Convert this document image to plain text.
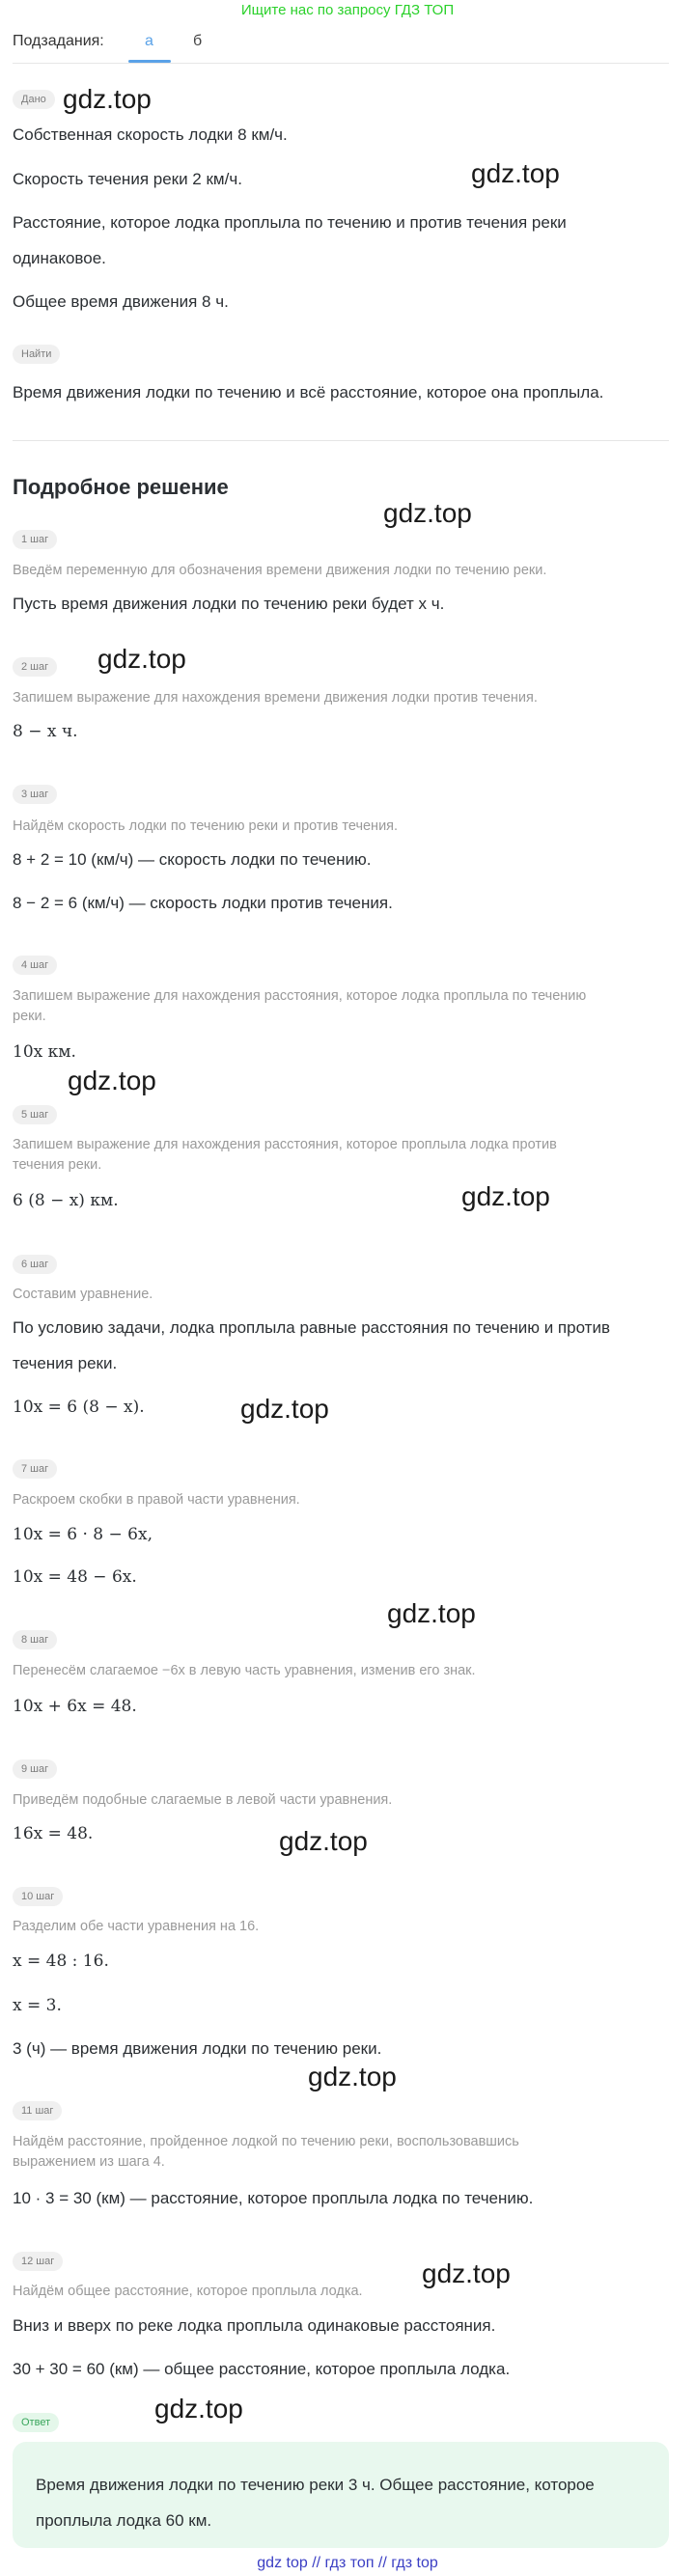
Ищите нас по запросу ГДЗ ТОП
Подзадания:	а	б
Дано
Собственная скорость лодки 8 км/ч.
Скорость течения реки 2 км/ч.
Расстояние, которое лодка проплыла по течению и против течения реки
одинаковое.
Общее время движения 8 ч.
Найти
Время движения лодки по течению и всё расстояние, которое она проплыла.
Подробное решение
1 шаг
Введём переменную для обозначения времени движения лодки по течению реки.
Пусть время движения лодки по течению реки будет x ч.
2 шаг
Запишем выражение для нахождения времени движения лодки против течения.
8 − x ч.
3 шаг
Найдём скорость лодки по течению реки и против течения.
8 + 2 = 10 (км/ч) — скорость лодки по течению.
8 − 2 = 6 (км/ч) — скорость лодки против течения.
4 шаг
Запишем выражение для нахождения расстояния, которое лодка проплыла по течению
реки.
10x км.
5 шаг
Запишем выражение для нахождения расстояния, которое проплыла лодка против
течения реки.
6 (8 − x) км.
6 шаг
Составим уравнение.
По условию задачи, лодка проплыла равные расстояния по течению и против
течения реки.
10x = 6 (8 − x).
7 шаг
Раскроем скобки в правой части уравнения.
10x = 6 · 8 − 6x,
10x = 48 − 6x.
8 шаг
Перенесём слагаемое −6x в левую часть уравнения, изменив его знак.
10x + 6x = 48.
9 шаг
Приведём подобные слагаемые в левой части уравнения.
16x = 48.
10 шаг
Разделим обе части уравнения на 16.
x = 48 : 16.
x = 3.
3 (ч) — время движения лодки по течению реки.
11 шаг
Найдём расстояние, пройденное лодкой по течению реки, воспользовавшись
выражением из шага 4.
10 · 3 = 30 (км) — расстояние, которое проплыла лодка по течению.
12 шаг
Найдём общее расстояние, которое проплыла лодка.
Вниз и вверх по реке лодка проплыла одинаковые расстояния.
30 + 30 = 60 (км) — общее расстояние, которое проплыла лодка.
Ответ
Время движения лодки по течению реки 3 ч. Общее расстояние, которое
проплыла лодка 60 км.
gdz.top
gdz.top
gdz.top
gdz.top
gdz.top
gdz.top
gdz.top
gdz.top
gdz.top
gdz.top
gdz.top
gdz.top
gdz top // гдз топ // гдз top
